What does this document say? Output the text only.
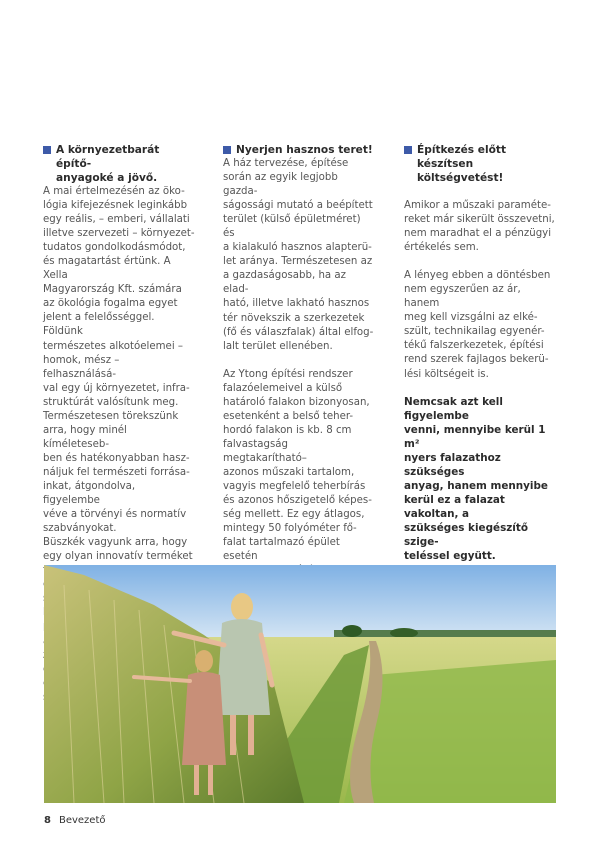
A környezetbarát építő-
anyagoké a jövő.

A mai értelmezésén az öko-
lógia kifejezésnek leginkább
egy reális, – emberi, vállalati
illetve szervezeti – környezet-
tudatos gondolkodásmódot,
és magatartást értünk. A Xella
Magyarország Kft. számára
az ökológia fogalma egyet
jelent a felelősséggel. Földünk
természetes alkotóelemei –
homok, mész – felhasználásá-
val egy új környezetet, infra-
struktúrát valósítunk meg.
Természetesen törekszünk
arra, hogy minél kíméleteseb-
ben és hatékonyabban hasz-
náljuk fel természeti forrása-
inkat, átgondolva, figyelembe
véve a törvényi és normatív
szabványokat.
Büszkék vagyunk arra, hogy
egy olyan innovatív terméket

Nyerjen hasznos teret!

A ház tervezése, építése
során az egyik legjobb gazda-
ságossági mutató a beépített
terület (külső épületméret) és
a kialakuló hasznos alapterü-
let aránya. Természetesen az
a gazdaságosabb, ha az elad-
ható, illetve lakható hasznos
tér növekszik a szerkezetek
(fő és válaszfalak) által elfog-
lalt terület ellenében.

Az Ytong építési rendszer
falazóelemeivel a külső
határoló falakon bizonyosan,
esetenként a belső teher-
hordó falakon is kb. 8 cm
falvastagság megtakarítható–
azonos műszaki tartalom,
vagyis megfelelő teherbírás
és azonos hőszigetelő képes-
ség mellett. Ez egy átlagos,
mintegy 50 folyóméter fő-
falat tartalmazó épület esetén

Építkezés előtt készítsen
költségvetést!

Amikor a műszaki paraméte-
reket már sikerült összevetni,
nem maradhat el a pénzügyi
értékelés sem.

A lényeg ebben a döntésben
nem egyszerűen az ár, hanem
meg kell vizsgálni az elké-
szült, technikailag egyenér-
tékű falszerkezetek, építési
rend szerek fajlagos bekerü-
lési költségeit is.

Nemcsak azt kell figyelembe
venni, mennyibe kerül 1 m²
nyers falazathoz szükséges
anyag, hanem mennyibe
kerül ez a falazat vakoltan, a
szükséges kiegészítő szige-
teléssel együtt.

8 Bevezető
